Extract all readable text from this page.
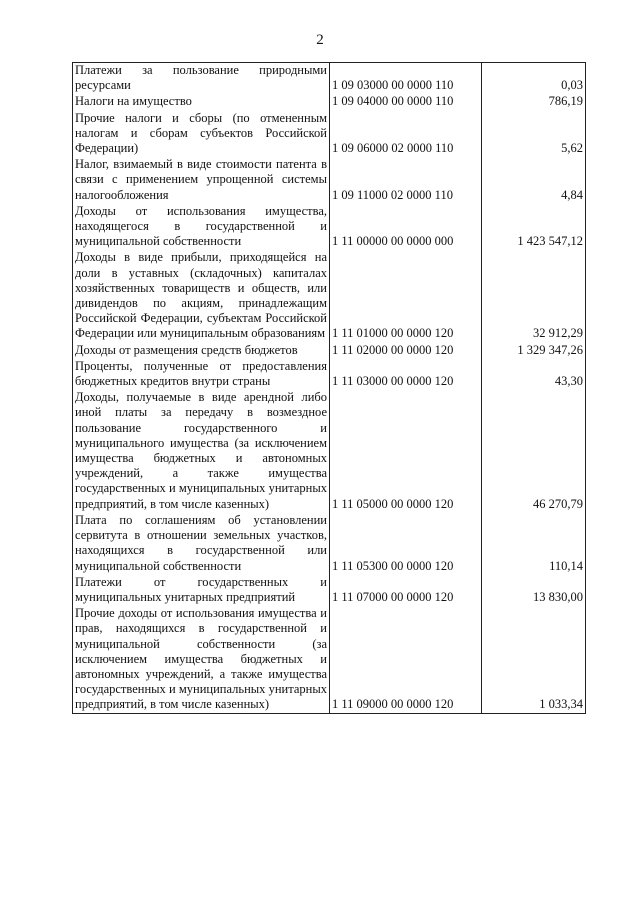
2
Платежи за пользование природными ресурсами	1 09 03000 00 0000 110	0,03
Налоги на имущество	1 09 04000 00 0000 110	786,19
Прочие налоги и сборы (по отмененным налогам и сборам субъектов Российской Федерации)	1 09 06000 02 0000 110	5,62
Налог, взимаемый в виде стоимости патента в связи с применением упрощенной системы налогообложения	1 09 11000 02 0000 110	4,84
Доходы от использования имущества, находящегося в государственной и муниципальной собственности	1 11 00000 00 0000 000	1 423 547,12
Доходы в виде прибыли, приходящейся на доли в уставных (складочных) капиталах хозяйственных товариществ и обществ, или дивидендов по акциям, принадлежащим Российской Федерации, субъектам Российской Федерации или муниципальным образованиям	1 11 01000 00 0000 120	32 912,29
Доходы от размещения средств бюджетов	1 11 02000 00 0000 120	1 329 347,26
Проценты, полученные от предоставления бюджетных кредитов внутри страны	1 11 03000 00 0000 120	43,30
Доходы, получаемые в виде арендной либо иной платы за передачу в возмездное пользование государственного и муниципального имущества (за исключением имущества бюджетных и автономных учреждений, а также имущества государственных и муниципальных унитарных предприятий, в том числе казенных)	1 11 05000 00 0000 120	46 270,79
Плата по соглашениям об установлении сервитута в отношении земельных участков, находящихся в государственной или муниципальной собственности	1 11 05300 00 0000 120	110,14
Платежи от государственных и муниципальных унитарных предприятий	1 11 07000 00 0000 120	13 830,00
Прочие доходы от использования имущества и прав, находящихся в государственной и муниципальной собственности (за исключением имущества бюджетных и автономных учреждений, а также имущества государственных и муниципальных унитарных предприятий, в том числе казенных)	1 11 09000 00 0000 120	1 033,34
